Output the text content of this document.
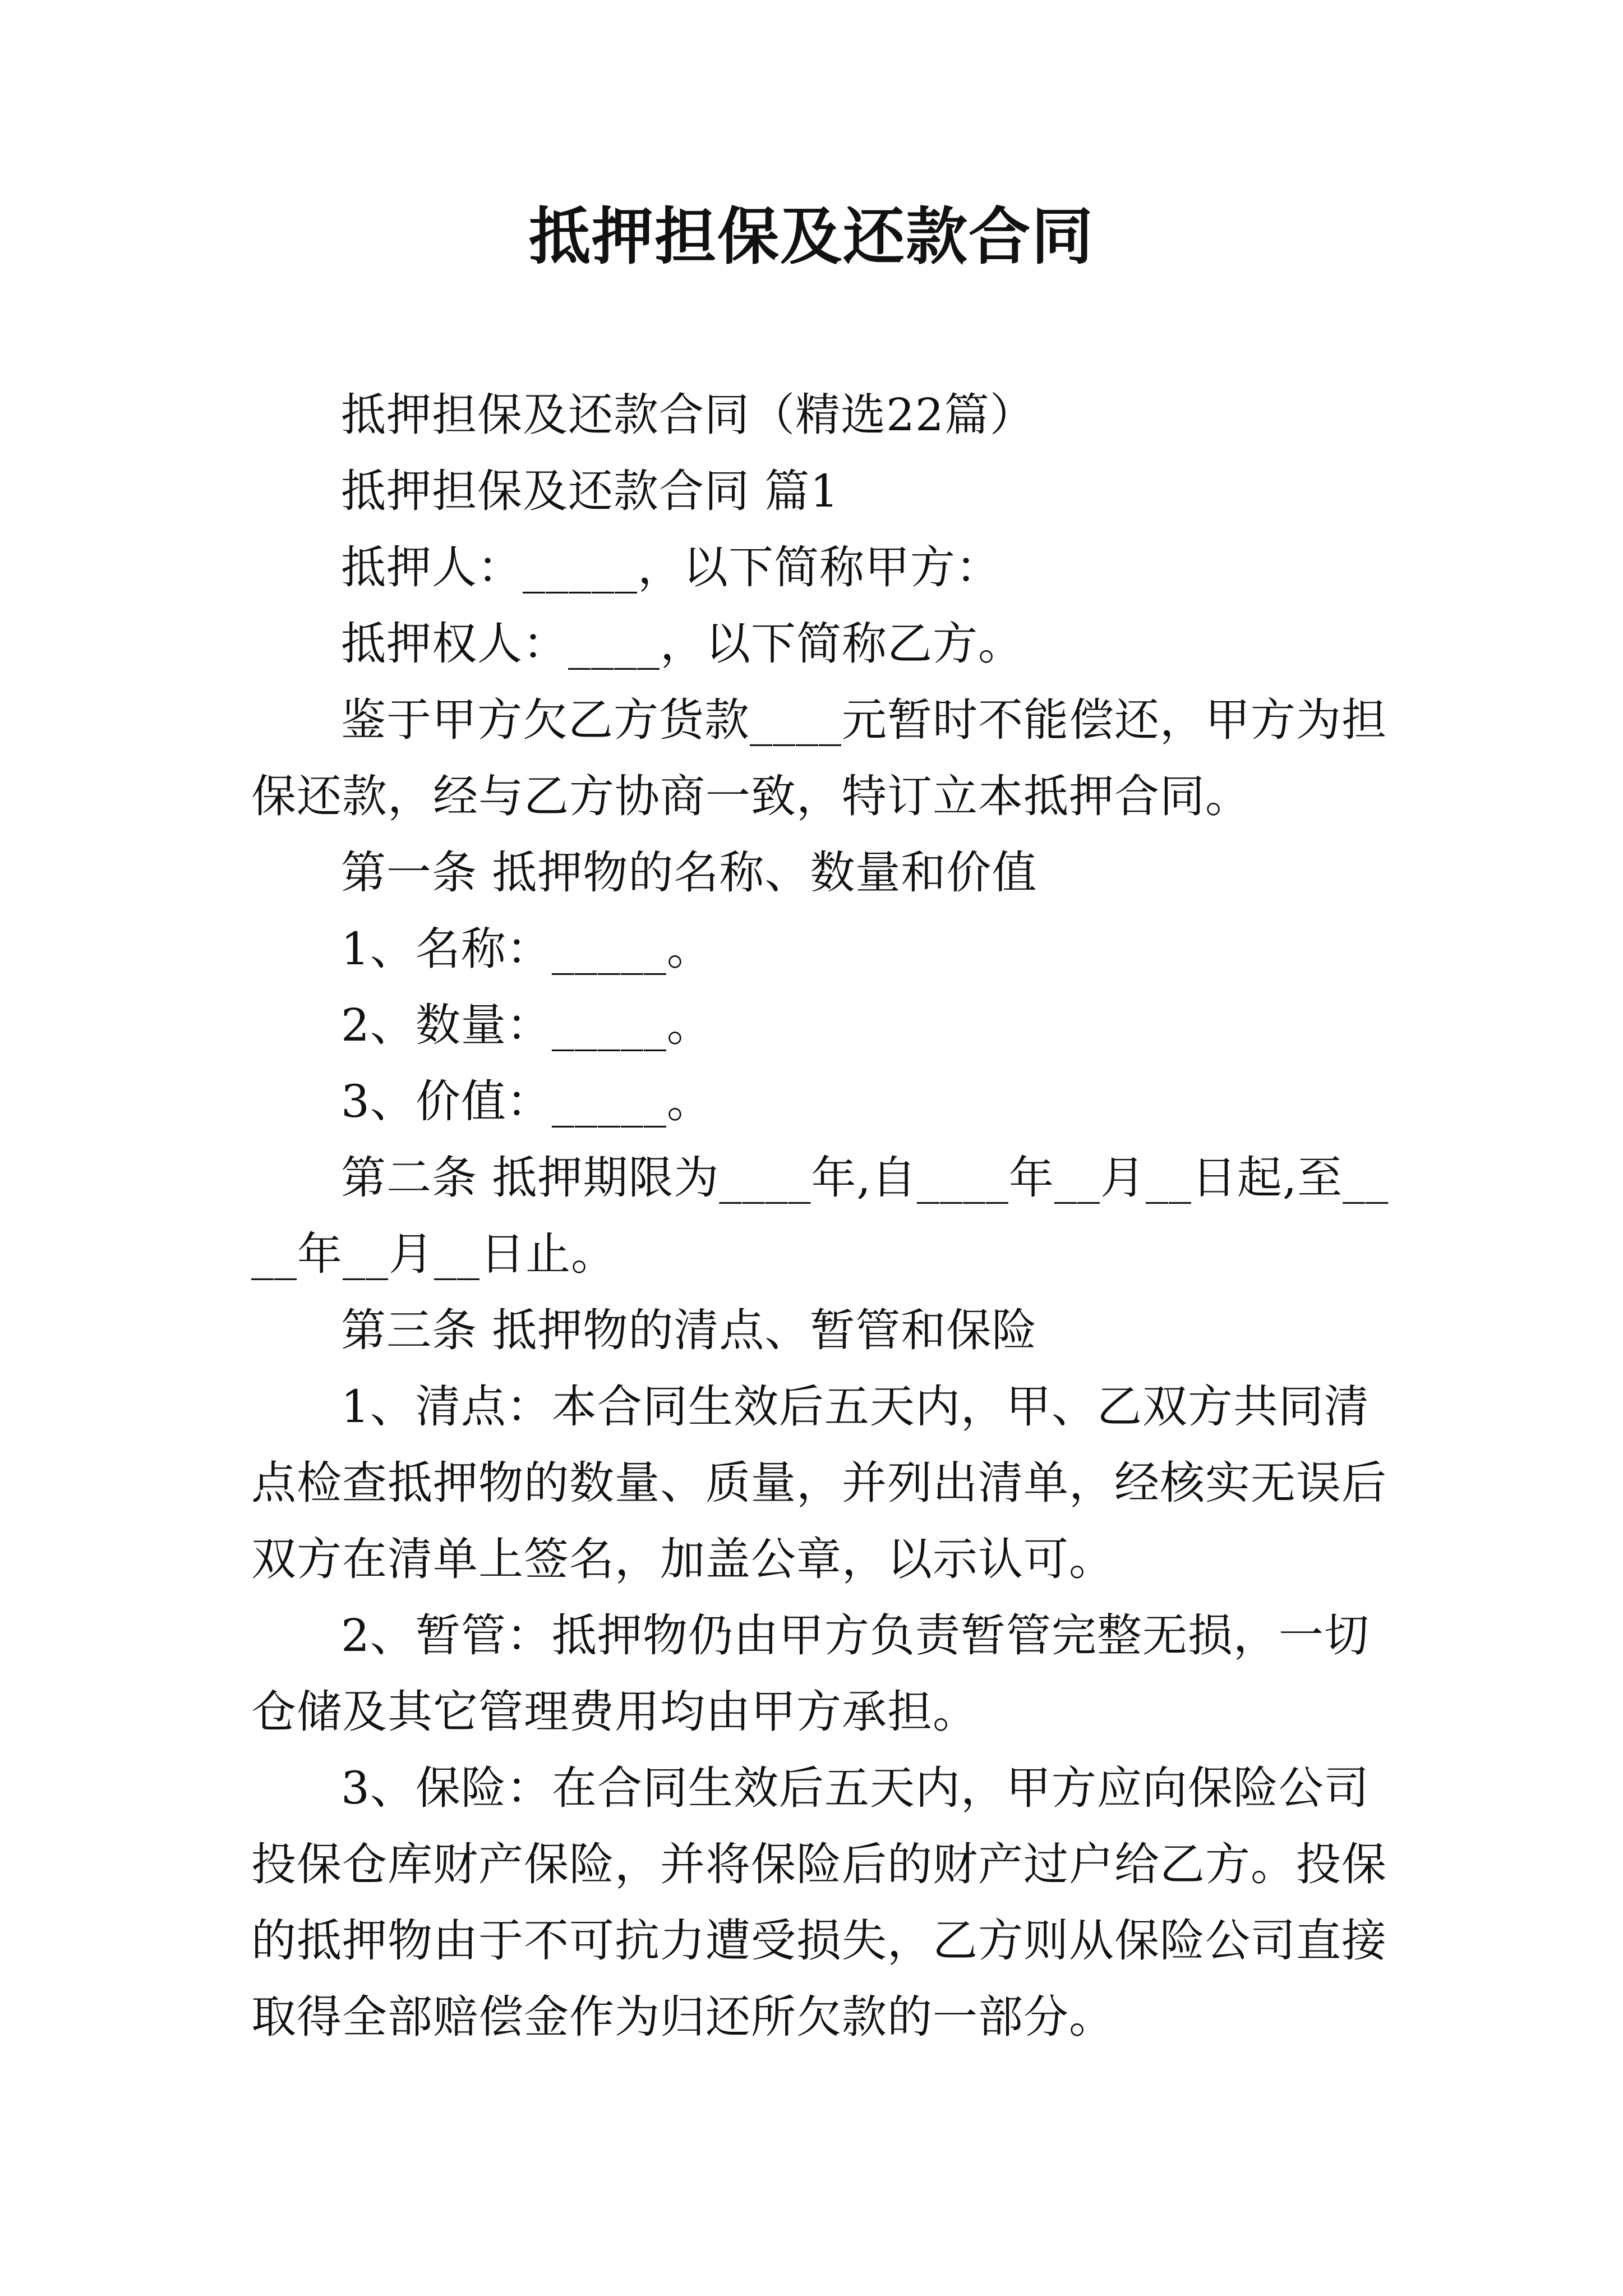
抵押担保及还款合同

抵押担保及还款合同（精选22篇）

抵押担保及还款合同 篇1

抵押人：_____，以下简称甲方：

抵押权人：____，以下简称乙方。

鉴于甲方欠乙方货款____元暂时不能偿还，甲方为担保还款，经与乙方协商一致，特订立本抵押合同。

第一条 抵押物的名称、数量和价值

1、名称：_____。

2、数量：_____。

3、价值：_____。

第二条 抵押期限为____年,自____年__月__日起,至____年__月__日止。

第三条 抵押物的清点、暂管和保险

1、清点：本合同生效后五天内，甲、乙双方共同清点检查抵押物的数量、质量，并列出清单，经核实无误后双方在清单上签名，加盖公章，以示认可。

2、暂管：抵押物仍由甲方负责暂管完整无损，一切仓储及其它管理费用均由甲方承担。

3、保险：在合同生效后五天内，甲方应向保险公司投保仓库财产保险，并将保险后的财产过户给乙方。投保的抵押物由于不可抗力遭受损失，乙方则从保险公司直接取得全部赔偿金作为归还所欠款的一部分。
